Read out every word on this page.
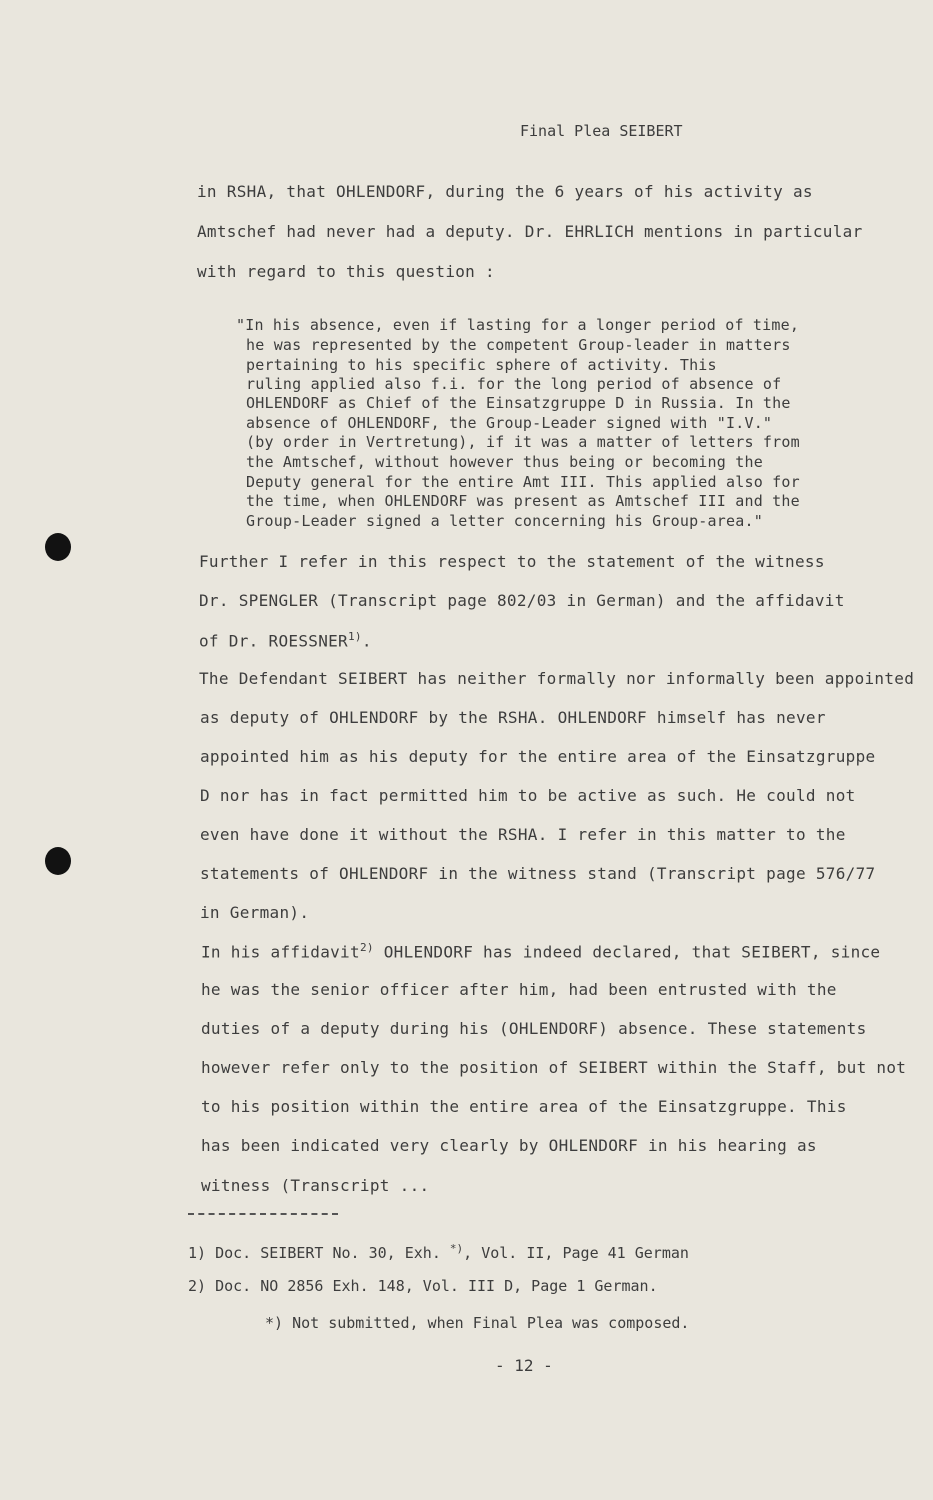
Final Plea SEIBERT
in RSHA, that OHLENDORF, during the 6 years of his activity as
Amtschef had never had a deputy. Dr. EHRLICH mentions in particular
with regard to this question :
"In his absence, even if lasting for a longer period of time,
he was represented by the competent Group-leader in matters
pertaining to his specific sphere of activity. This
ruling applied also f.i. for the long period of absence of
OHLENDORF as Chief of the Einsatzgruppe D in Russia. In the
absence of OHLENDORF, the Group-Leader signed with "I.V."
(by order in Vertretung), if it was a matter of letters from
the Amtschef, without however thus being or becoming the
Deputy general for the entire Amt III. This applied also for
the time, when OHLENDORF was present as Amtschef III and the
Group-Leader signed a letter concerning his Group-area."
Further I refer in this respect to the statement of the witness
Dr. SPENGLER (Transcript page 802/03 in German) and the affidavit
of Dr. ROESSNER$^{1)}$.
The Defendant SEIBERT has neither formally nor informally been appointed
as deputy of OHLENDORF by the RSHA. OHLENDORF himself has never
appointed him as his deputy for the entire area of the Einsatzgruppe
D nor has in fact permitted him to be active as such. He could not
even have done it without the RSHA. I refer in this matter to the
statements of OHLENDORF in the witness stand (Transcript page 576/77
in German).
In his affidavit$^{2)}$ OHLENDORF has indeed declared, that SEIBERT, since
he was the senior officer after him, had been entrusted with the
duties of a deputy during his (OHLENDORF) absence. These statements
however refer only to the position of SEIBERT within the Staff, but not
to his position within the entire area of the Einsatzgruppe. This
has been indicated very clearly by OHLENDORF in his hearing as
witness (Transcript ...
1) Doc. SEIBERT No. 30, Exh. *), Vol. II, Page 41 German
2) Doc. NO 2856 Exh. 148, Vol. III D, Page 1 German.
*) Not submitted, when Final Plea was composed.
- 12 -
